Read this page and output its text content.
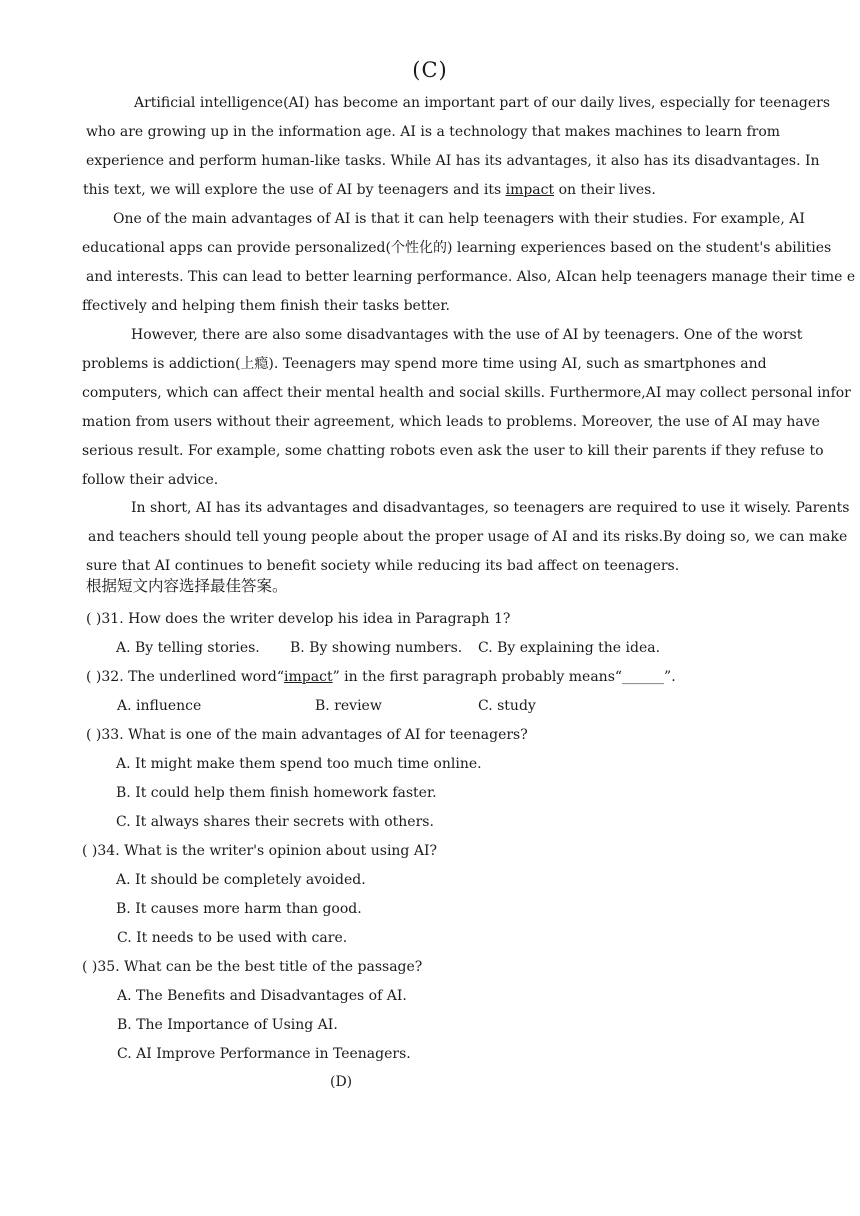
(C)
Artificial intelligence(AI) has become an important part of our daily lives, especially for teenagers
who are growing up in the information age. AI is a technology that makes machines to learn from
experience and perform human-like tasks. While AI has its advantages, it also has its disadvantages. In
this text, we will explore the use of AI by teenagers and its impact on their lives.
One of the main advantages of AI is that it can help teenagers with their studies. For example, AI
educational apps can provide personalized(个性化的) learning experiences based on the student's abilities
and interests. This can lead to better learning performance. Also, AIcan help teenagers manage their time e
ffectively and helping them finish their tasks better.
However, there are also some disadvantages with the use of AI by teenagers. One of the worst
problems is addiction(上瘾). Teenagers may spend more time using AI, such as smartphones and
computers, which can affect their mental health and social skills. Furthermore,AI may collect personal infor
mation from users without their agreement, which leads to problems. Moreover, the use of AI may have
serious result. For example, some chatting robots even ask the user to kill their parents if they refuse to
follow their advice.
In short, AI has its advantages and disadvantages, so teenagers are required to use it wisely. Parents
and teachers should tell young people about the proper usage of AI and its risks.By doing so, we can make
sure that AI continues to benefit society while reducing its bad affect on teenagers.
根据短文内容选择最佳答案。
( )31. How does the writer develop his idea in Paragraph 1?
A. By telling stories. B. By showing numbers. C. By explaining the idea.
( )32. The underlined word“impact” in the first paragraph probably means“______”.
A. influence	B. review	C. study
( )33. What is one of the main advantages of AI for teenagers?
A. It might make them spend too much time online.
B. It could help them finish homework faster.
C. It always shares their secrets with others.
( )34. What is the writer's opinion about using AI?
A. It should be completely avoided.
B. It causes more harm than good.
C. It needs to be used with care.
( )35. What can be the best title of the passage?
A. The Benefits and Disadvantages of AI.
B. The Importance of Using AI.
C. AI Improve Performance in Teenagers.
(D)
